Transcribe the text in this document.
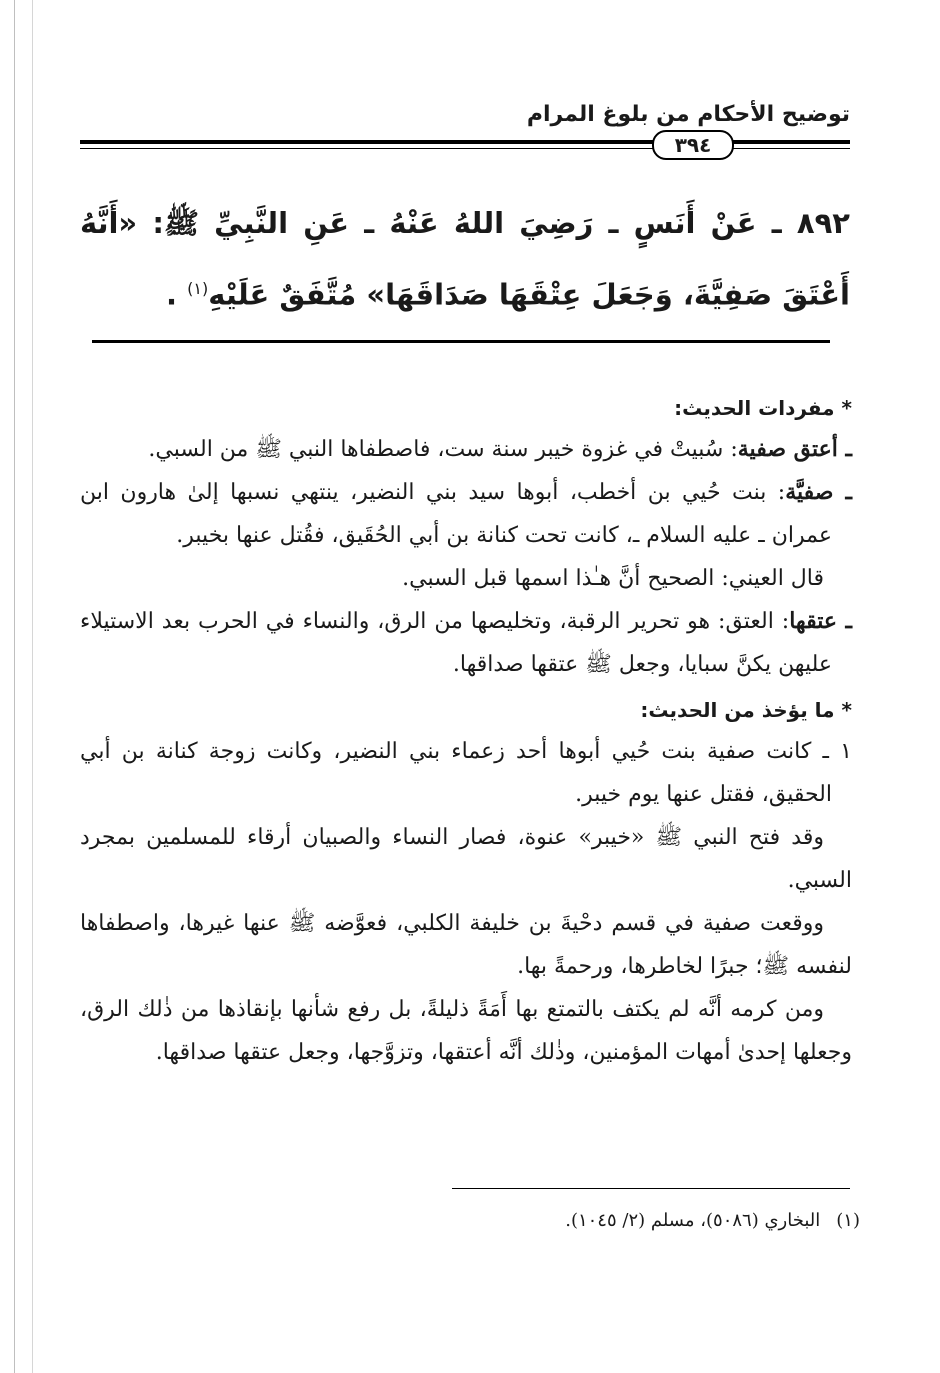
توضيح الأحكام من بلوغ المرام
٣٩٤
٨٩٢ ـ عَنْ أَنَسٍ ـ رَضِيَ اللهُ عَنْهُ ـ عَنِ النَّبِيِّ ﷺ: «أَنَّهُ أَعْتَقَ صَفِيَّةَ، وَجَعَلَ عِتْقَهَا صَدَاقَهَا» مُتَّفَقٌ عَلَيْهِ$^{(١)}$ .

* مفردات الحديث:

ـ أعتق صفية: سُبيتْ في غزوة خيبر سنة ست، فاصطفاها النبي ﷺ من السبي.

ـ صفيَّة: بنت حُيي بن أخطب، أبوها سيد بني النضير، ينتهي نسبها إلىٰ هارون ابن عمران ـ عليه السلام ـ، كانت تحت كنانة بن أبي الحُقَيق، فقُتل عنها بخيبر.

قال العيني: الصحيح أنَّ هـٰذا اسمها قبل السبي.

ـ عتقها: العتق: هو تحرير الرقبة، وتخليصها من الرق، والنساء في الحرب بعد الاستيلاء عليهن يكنَّ سبايا، وجعل ﷺ عتقها صداقها.

* ما يؤخذ من الحديث:

١ ـ كانت صفية بنت حُيي أبوها أحد زعماء بني النضير، وكانت زوجة كنانة بن أبي الحقيق، فقتل عنها يوم خيبر.

وقد فتح النبي ﷺ «خيبر» عنوة، فصار النساء والصبيان أرقاء للمسلمين بمجرد السبي.

ووقعت صفية في قسم دحْيةَ بن خليفة الكلبي، فعوَّضه ﷺ عنها غيرها، واصطفاها لنفسه ﷺ؛ جبرًا لخاطرها، ورحمةً بها.

ومن كرمه أنَّه لم يكتف بالتمتع بها أَمَةً ذليلةً، بل رفع شأنها بإنقاذها من ذٰلك الرق، وجعلها إحدىٰ أمهات المؤمنين، وذٰلك أنَّه أعتقها، وتزوَّجها، وجعل عتقها صداقها.

(١)البخاري (٥٠٨٦)، مسلم (٢/ ١٠٤٥).
